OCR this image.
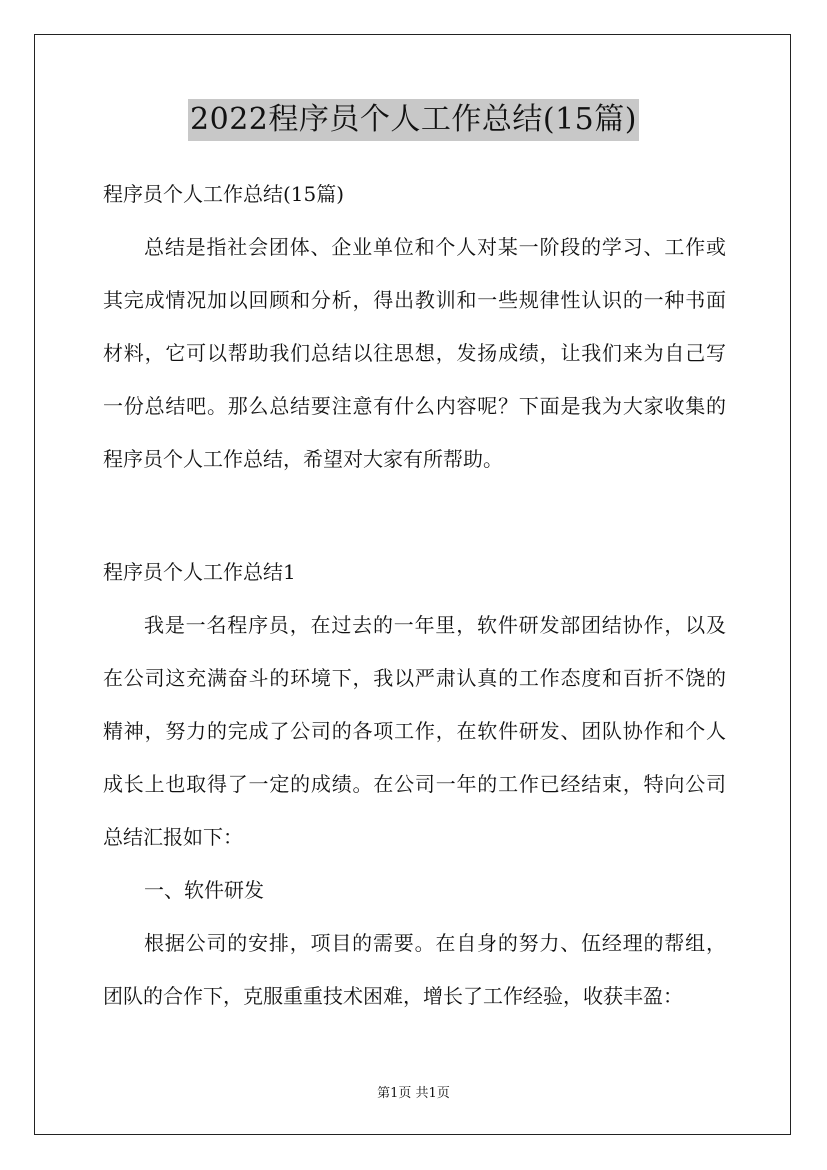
2022程序员个人工作总结(15篇)
程序员个人工作总结(15篇)
总结是指社会团体、企业单位和个人对某一阶段的学习、工作或
其完成情况加以回顾和分析，得出教训和一些规律性认识的一种书面
材料，它可以帮助我们总结以往思想，发扬成绩，让我们来为自己写
一份总结吧。那么总结要注意有什么内容呢？下面是我为大家收集的
程序员个人工作总结，希望对大家有所帮助。
程序员个人工作总结1
我是一名程序员，在过去的一年里，软件研发部团结协作，以及
在公司这充满奋斗的环境下，我以严肃认真的工作态度和百折不饶的
精神，努力的完成了公司的各项工作，在软件研发、团队协作和个人
成长上也取得了一定的成绩。在公司一年的工作已经结束，特向公司
总结汇报如下：
一、软件研发
根据公司的安排，项目的需要。在自身的努力、伍经理的帮组，
团队的合作下，克服重重技术困难，增长了工作经验，收获丰盈：
第1页 共1页
